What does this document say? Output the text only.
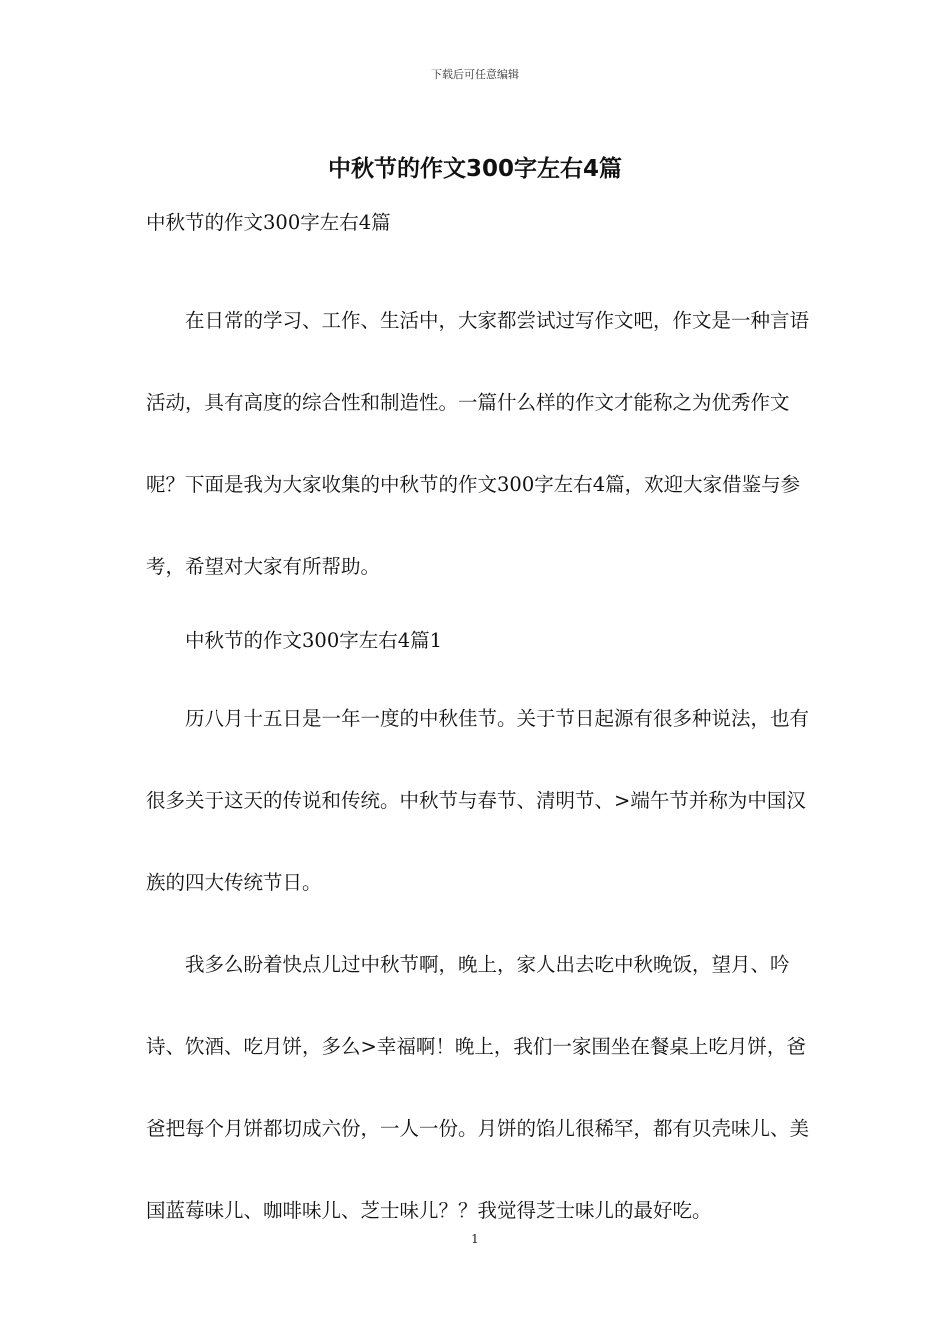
下载后可任意编辑
中秋节的作文300字左右4篇
中秋节的作文300字左右4篇

在日常的学习、工作、生活中，大家都尝试过写作文吧，作文是一种言语活动，具有高度的综合性和制造性。一篇什么样的作文才能称之为优秀作文呢？下面是我为大家收集的中秋节的作文300字左右4篇，欢迎大家借鉴与参考，希望对大家有所帮助。

中秋节的作文300字左右4篇1

历八月十五日是一年一度的中秋佳节。关于节日起源有很多种说法，也有很多关于这天的传说和传统。中秋节与春节、清明节、>端午节并称为中国汉族的四大传统节日。

我多么盼着快点儿过中秋节啊，晚上，家人出去吃中秋晚饭，望月、吟诗、饮酒、吃月饼，多么>幸福啊！晚上，我们一家围坐在餐桌上吃月饼，爸爸把每个月饼都切成六份，一人一份。月饼的馅儿很稀罕，都有贝壳味儿、美国蓝莓味儿、咖啡味儿、芝士味儿？？我觉得芝士味儿的最好吃。

1
